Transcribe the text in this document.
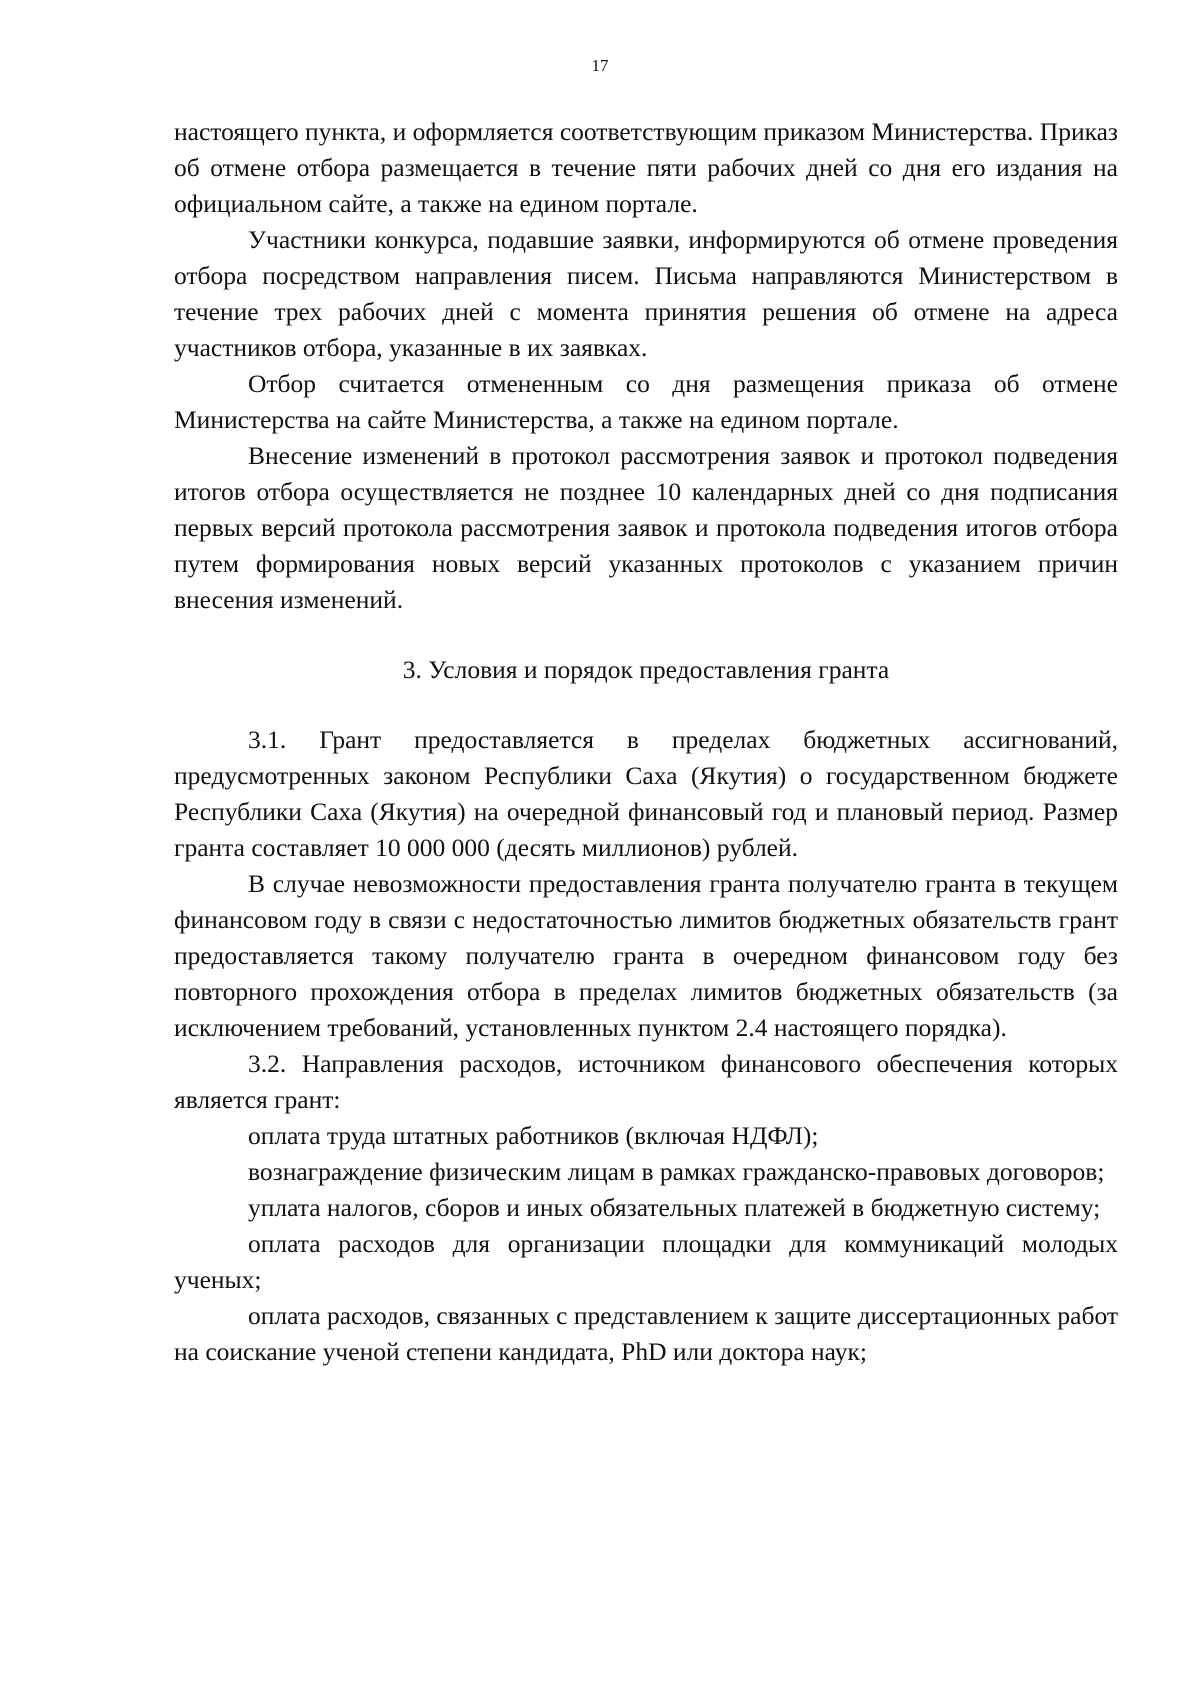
17

настоящего пункта, и оформляется соответствующим приказом Министерства. Приказ об отмене отбора размещается в течение пяти рабочих дней со дня его издания на официальном сайте, а также на едином портале.

Участники конкурса, подавшие заявки, информируются об отмене проведения отбора посредством направления писем. Письма направляются Министерством в течение трех рабочих дней с момента принятия решения об отмене на адреса участников отбора, указанные в их заявках.

Отбор считается отмененным со дня размещения приказа об отмене Министерства на сайте Министерства, а также на едином портале.

Внесение изменений в протокол рассмотрения заявок и протокол подведения итогов отбора осуществляется не позднее 10 календарных дней со дня подписания первых версий протокола рассмотрения заявок и протокола подведения итогов отбора путем формирования новых версий указанных протоколов с указанием причин внесения изменений.

3. Условия и порядок предоставления гранта

3.1. Грант предоставляется в пределах бюджетных ассигнований, предусмотренных законом Республики Саха (Якутия) о государственном бюджете Республики Саха (Якутия) на очередной финансовый год и плановый период. Размер гранта составляет 10 000 000 (десять миллионов) рублей.

В случае невозможности предоставления гранта получателю гранта в текущем финансовом году в связи с недостаточностью лимитов бюджетных обязательств грант предоставляется такому получателю гранта в очередном финансовом году без повторного прохождения отбора в пределах лимитов бюджетных обязательств (за исключением требований, установленных пунктом 2.4 настоящего порядка).

3.2. Направления расходов, источником финансового обеспечения которых является грант:

оплата труда штатных работников (включая НДФЛ);

вознаграждение физическим лицам в рамках гражданско-правовых договоров;

уплата налогов, сборов и иных обязательных платежей в бюджетную систему;

оплата расходов для организации площадки для коммуникаций молодых ученых;

оплата расходов, связанных с представлением к защите диссертационных работ на соискание ученой степени кандидата, PhD или доктора наук;
